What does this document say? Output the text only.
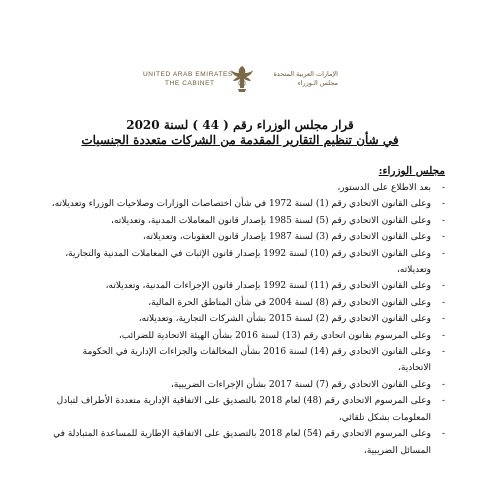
UNITED ARAB EMIRATES
THE CABINET
الإمارات العربية المتحدة
مجلس الـوزراء
قرار مجلس الوزراء رقم ( 44 ) لسنة 2020
في شأن تنظيم التقارير المقدمة من الشركات متعددة الجنسيات
مجلس الوزراء:
- بعد الاطلاع على الدستور،
- وعلى القانون الاتحادي رقم (1) لسنة 1972 في شأن اختصاصات الوزارات وصلاحيات الوزراء وتعديلاته،
- وعلى القانون الاتحادي رقم (5) لسنة 1985 بإصدار قانون المعاملات المدنية، وتعديلاته،
- وعلى القانون الاتحادي رقم (3) لسنة 1987 بإصدار قانون العقوبات، وتعديلاته،
- وعلى القانون الاتحادي رقم (10) لسنة 1992 بإصدار قانون الإثبات في المعاملات المدنية والتجارية،
وتعديلاته،
- وعلى القانون الاتحادي رقم (11) لسنة 1992 بإصدار قانون الإجراءات المدنية، وتعديلاته،
- وعلى القانون الاتحادي رقم (8) لسنة 2004 في شأن المناطق الحرة المالية،
- وعلى القانون الاتحادي رقم (2) لسنة 2015 بشأن الشركات التجارية، وتعديلاته،
- وعلى المرسوم بقانون اتحادي رقم (13) لسنة 2016 بشأن الهيئة الاتحادية للضرائب،
- وعلى القانون الاتحادي رقم (14) لسنة 2016 بشأن المخالفات والجزاءات الإدارية في الحكومة
الاتحادية،
- وعلى القانون الاتحادي رقم (7) لسنة 2017 بشأن الإجراءات الضريبية،
- وعلى المرسوم الاتحادي رقم (48) لعام 2018 بالتصديق على الاتفاقية الإدارية متعددة الأطراف لتبادل
المعلومات بشكل تلقائي،
- وعلى المرسوم الاتحادي رقم (54) لعام 2018 بالتصديق على الاتفاقية الإطارية للمساعدة المتبادلة في
المسائل الضريبية،
